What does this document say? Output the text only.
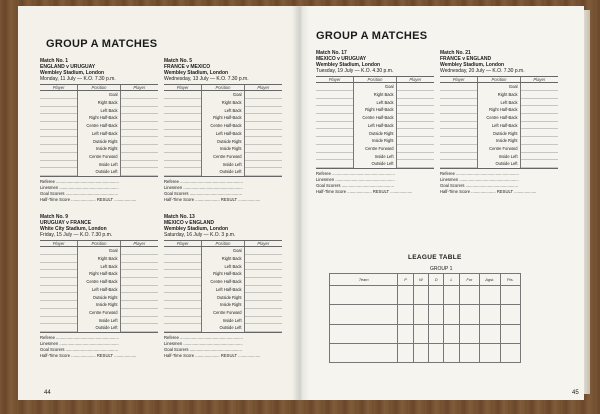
GROUP A MATCHES
Match No. 1
ENGLAND v URUGUAY
Wembley Stadium, London
Monday, 11 July — K.O. 7.30 p.m.
Player	Position	Player
Goal
Right Back
Left Back
Right Half-Back
Centre Half-Back
Left Half-Back
Outside Right
Inside Right
Centre Forward
Inside Left
Outside Left
Referee ......................................................
Linesmen ...................................................
Goal Scorers .............................................
Half-Time Score ..................... RESULT ...................
Match No. 5
FRANCE v MEXICO
Wembley Stadium, London
Wednesday, 13 July — K.O. 7.30 p.m.
Player	Position	Player
Goal
Right Back
Left Back
Right Half-Back
Centre Half-Back
Left Half-Back
Outside Right
Inside Right
Centre Forward
Inside Left
Outside Left
Referee ......................................................
Linesmen ...................................................
Goal Scorers .............................................
Half-Time Score ..................... RESULT ...................
Match No. 9
URUGUAY v FRANCE
White City Stadium, London
Friday, 15 July — K.O. 7.30 p.m.
Player	Position	Player
Goal
Right Back
Left Back
Right Half-Back
Centre Half-Back
Left Half-Back
Outside Right
Inside Right
Centre Forward
Inside Left
Outside Left
Referee ......................................................
Linesmen ...................................................
Goal Scorers .............................................
Half-Time Score ..................... RESULT ...................
Match No. 13
MEXICO v ENGLAND
Wembley Stadium, London
Saturday, 16 July — K.O. 3 p.m.
Player	Position	Player
Goal
Right Back
Left Back
Right Half-Back
Centre Half-Back
Left Half-Back
Outside Right
Inside Right
Centre Forward
Inside Left
Outside Left
Referee ......................................................
Linesmen ...................................................
Goal Scorers .............................................
Half-Time Score ..................... RESULT ...................
44
GROUP A MATCHES
Match No. 17
MEXICO v URUGUAY
Wembley Stadium, London
Tuesday, 19 July — K.O. 4.30 p.m.
Player	Position	Player
Goal
Right Back
Left Back
Right Half-Back
Centre Half-Back
Left Half-Back
Outside Right
Inside Right
Centre Forward
Inside Left
Outside Left
Referee ......................................................
Linesmen ...................................................
Goal Scorers .............................................
Half-Time Score ..................... RESULT ...................
Match No. 21
FRANCE v ENGLAND
Wembley Stadium, London
Wednesday, 20 July — K.O. 7.30 p.m.
Player	Position	Player
Goal
Right Back
Left Back
Right Half-Back
Centre Half-Back
Left Half-Back
Outside Right
Inside Right
Centre Forward
Inside Left
Outside Left
Referee ......................................................
Linesmen ...................................................
Goal Scorers .............................................
Half-Time Score ..................... RESULT ...................
LEAGUE TABLE
GROUP 1
Team	P	W	D	L	For	Agst.	Pts.

45
